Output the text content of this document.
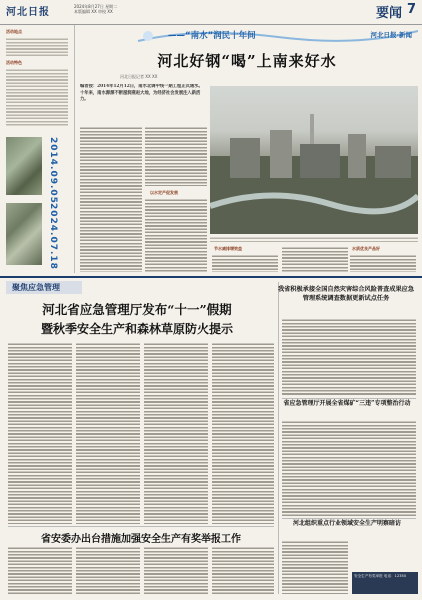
河北日报
2024年8月27日 星期二
本版编辑 XX 审校 XX	要闻 7
活动地点
活动特色
2014.09.05
2024.07.18
——“南水”润民十年间	河北日报·新闻
河北好钢“喝”上南来好水
河北日报记者 XX XX
编者按：2014年12月12日，南水北调中线一期工程正式通水。十年来，南水源源不断滋润燕赵大地，为经济社会发展注入新活力。
以水定产促发展
节水减排增效益	水质优良产品好
聚焦应急管理
河北省应急管理厅发布“十一”假期
暨秋季安全生产和森林草原防火提示
我省积极承接全国自然灾害综合风险普查成果应急管理系统调查数据更新试点任务
省应急管理厅开展全省煤矿“三违”专项整治行动
河北组织重点行业领域安全生产明察暗访
省安委办出台措施加强安全生产有奖举报工作
安全生产有奖举报 电话：12350
